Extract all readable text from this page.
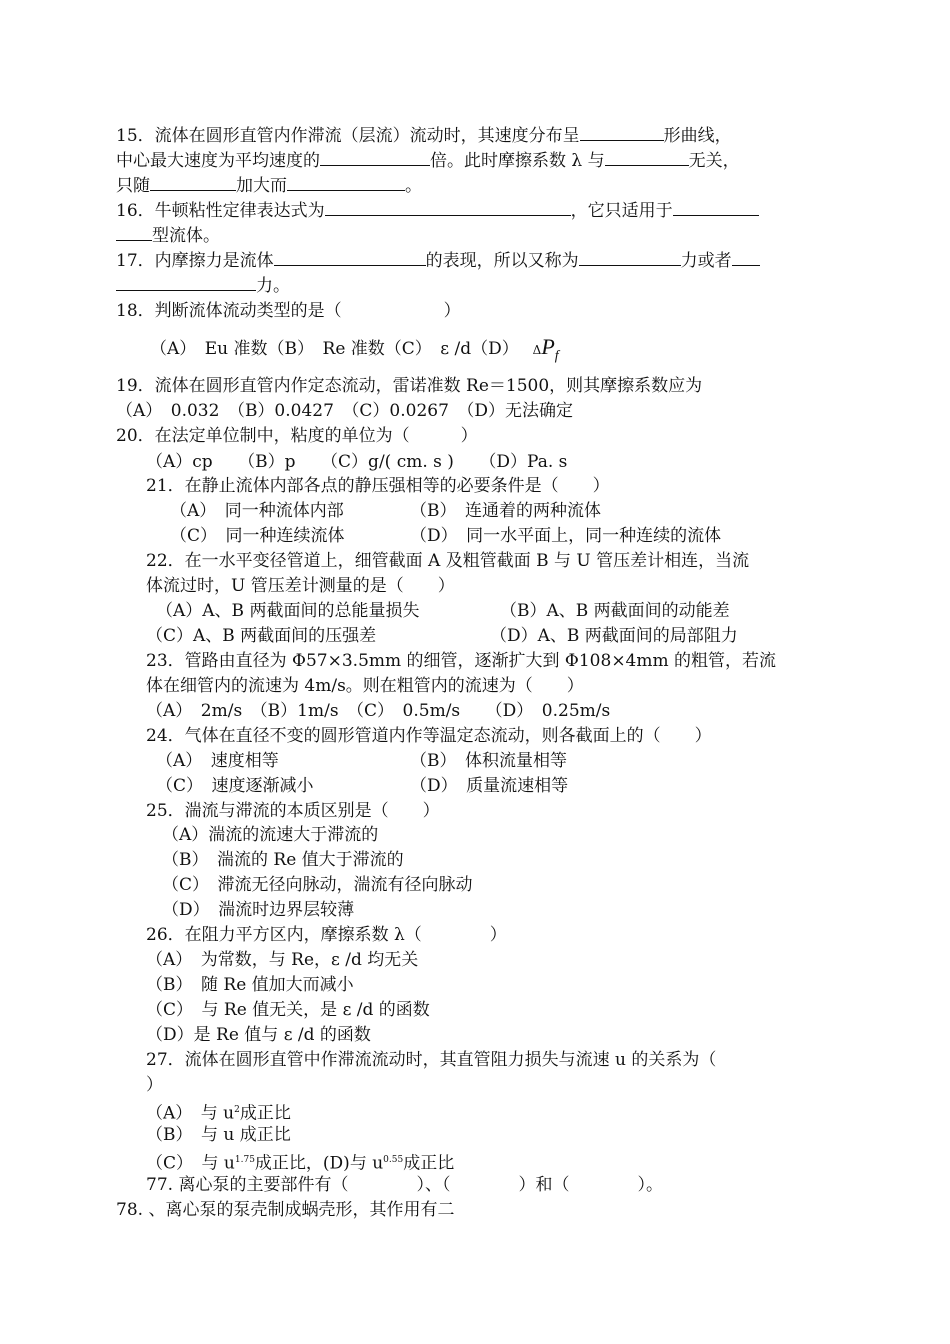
15．流体在圆形直管内作滞流（层流）流动时，其速度分布呈	形曲线，
中心最大速度为平均速度的	倍。此时摩擦系数 λ 与	无关，
只随	加大而	。
16．牛顿粘性定律表达式为	，它只适用于
型流体。
17．内摩擦力是流体	的表现，所以又称为	力或者
力。
18．判断流体流动类型的是（　　　　　　）
（A）　Eu 准数（B）　Re 准数（C）　ε /d（D）　 $\Delta P_f$
19．流体在圆形直管内作定态流动，雷诺准数 Re＝1500，则其摩擦系数应为
（A）　0.032　（B）0.0427　（C）0.0267　（D）无法确定
20．在法定单位制中，粘度的单位为（　　　）
（A）cp　　（B）p　　（C）g/( cm. s )　　（D）Pa. s
21．在静止流体内部各点的静压强相等的必要条件是（　　）
（A）　同一种流体内部	（B）　连通着的两种流体
（C）　同一种连续流体	（D）　同一水平面上，同一种连续的流体
22．在一水平变径管道上，细管截面 A 及粗管截面 B 与 U 管压差计相连，当流
体流过时，U 管压差计测量的是（　　）
（A）A、B 两截面间的总能量损失	（B）A、B 两截面间的动能差
（C）A、B 两截面间的压强差	（D）A、B 两截面间的局部阻力
23．管路由直径为 Φ57×3.5mm 的细管，逐渐扩大到 Φ108×4mm 的粗管，若流
体在细管内的流速为 4m/s。则在粗管内的流速为（　　）
（A）　2m/s　（B）1m/s　（C）　0.5m/s　　（D）　0.25m/s
24．气体在直径不变的圆形管道内作等温定态流动，则各截面上的（　　）
（A）　速度相等	（B）　体积流量相等
（C）　速度逐渐减小	（D）　质量流速相等
25．湍流与滞流的本质区别是（　　）
（A）湍流的流速大于滞流的
（B）　湍流的 Re 值大于滞流的
（C）　滞流无径向脉动，湍流有径向脉动
（D）　湍流时边界层较薄
26．在阻力平方区内，摩擦系数 λ（　　　　）
（A）　为常数，与 Re，ε /d 均无关
（B）　随 Re 值加大而减小
（C）　与 Re 值无关，是 ε /d 的函数
（D）是 Re 值与 ε /d 的函数
27．流体在圆形直管中作滞流流动时，其直管阻力损失与流速 u 的关系为（
）
（A）　与 $u^2$成正比
（B）　与 u 成正比
（C）　与 $u^{1.75}$成正比，(D)与 $u^{0.55}$成正比
77. 离心泵的主要部件有（　　　　）、（　　　　）和（　　　　）。
78. 、离心泵的泵壳制成蜗壳形，其作用有二
